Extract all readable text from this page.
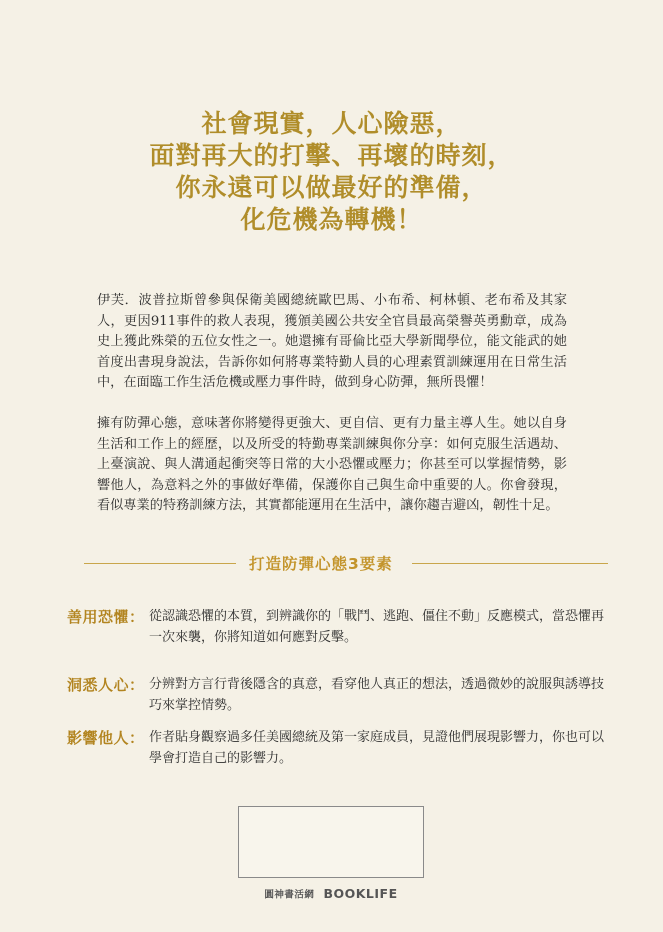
社會現實，人心險惡，
面對再大的打擊、再壞的時刻，
你永遠可以做最好的準備，
化危機為轉機！
伊芙．波普拉斯曾參與保衛美國總統歐巴馬、小布希、柯林頓、老布希及其家人，更因911事件的救人表現，獲頒美國公共安全官員最高榮譽英勇勳章，成為史上獲此殊榮的五位女性之一。她還擁有哥倫比亞大學新聞學位，能文能武的她首度出書現身說法，告訴你如何將專業特勤人員的心理素質訓練運用在日常生活中，在面臨工作生活危機或壓力事件時，做到身心防彈，無所畏懼！
擁有防彈心態，意味著你將變得更強大、更自信、更有力量主導人生。她以自身生活和工作上的經歷，以及所受的特勤專業訓練與你分享：如何克服生活遇劫、上臺演說、與人溝通起衝突等日常的大小恐懼或壓力；你甚至可以掌握情勢，影響他人，為意料之外的事做好準備，保護你自己與生命中重要的人。你會發現，看似專業的特務訓練方法，其實都能運用在生活中，讓你趨吉避凶，韌性十足。
打造防彈心態3要素
善用恐懼： 從認識恐懼的本質，到辨識你的「戰鬥、逃跑、僵住不動」反應模式，當恐懼再一次來襲，你將知道如何應對反擊。
洞悉人心： 分辨對方言行背後隱含的真意，看穿他人真正的想法，透過微妙的說服與誘導技巧來掌控情勢。
影響他人： 作者貼身觀察過多任美國總統及第一家庭成員，見證他們展現影響力，你也可以學會打造自己的影響力。
圓神書活網 BOOKLIFE
